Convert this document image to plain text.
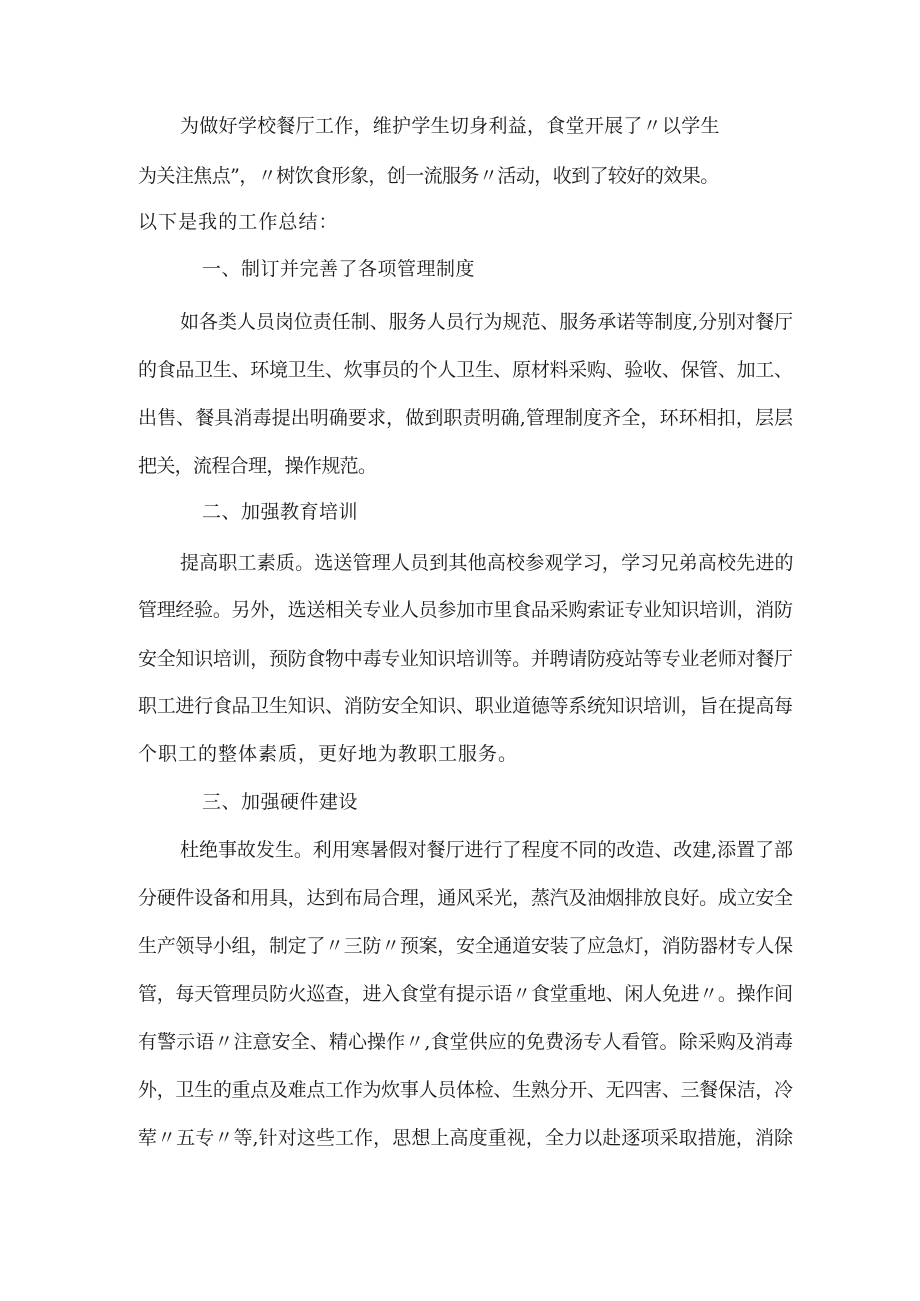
为做好学校餐厅工作，维护学生切身利益，食堂开展了〃以学生
为关注焦点”，〃树饮食形象，创一流服务〃活动，收到了较好的效果。
以下是我的工作总结：
一、制订并完善了各项管理制度
如各类人员岗位责任制、服务人员行为规范、服务承诺等制度,分别对餐厅
的食品卫生、环境卫生、炊事员的个人卫生、原材料采购、验收、保管、加工、
出售、餐具消毒提出明确要求，做到职责明确,管理制度齐全，环环相扣，层层
把关，流程合理，操作规范。
二、加强教育培训
提高职工素质。选送管理人员到其他高校参观学习，学习兄弟高校先进的
管理经验。另外，选送相关专业人员参加市里食品采购索证专业知识培训，消防
安全知识培训，预防食物中毒专业知识培训等。并聘请防疫站等专业老师对餐厅
职工进行食品卫生知识、消防安全知识、职业道德等系统知识培训，旨在提高每
个职工的整体素质，更好地为教职工服务。
三、加强硬件建设
杜绝事故发生。利用寒暑假对餐厅进行了程度不同的改造、改建,添置了部
分硬件设备和用具，达到布局合理，通风采光，蒸汽及油烟排放良好。成立安全
生产领导小组，制定了〃三防〃预案，安全通道安装了应急灯，消防器材专人保
管，每天管理员防火巡查，进入食堂有提示语〃食堂重地、闲人免进〃。操作间
有警示语〃注意安全、精心操作〃,食堂供应的免费汤专人看管。除采购及消毒
外，卫生的重点及难点工作为炊事人员体检、生熟分开、无四害、三餐保洁，冷
荤〃五专〃等,针对这些工作，思想上高度重视，全力以赴逐项采取措施，消除
